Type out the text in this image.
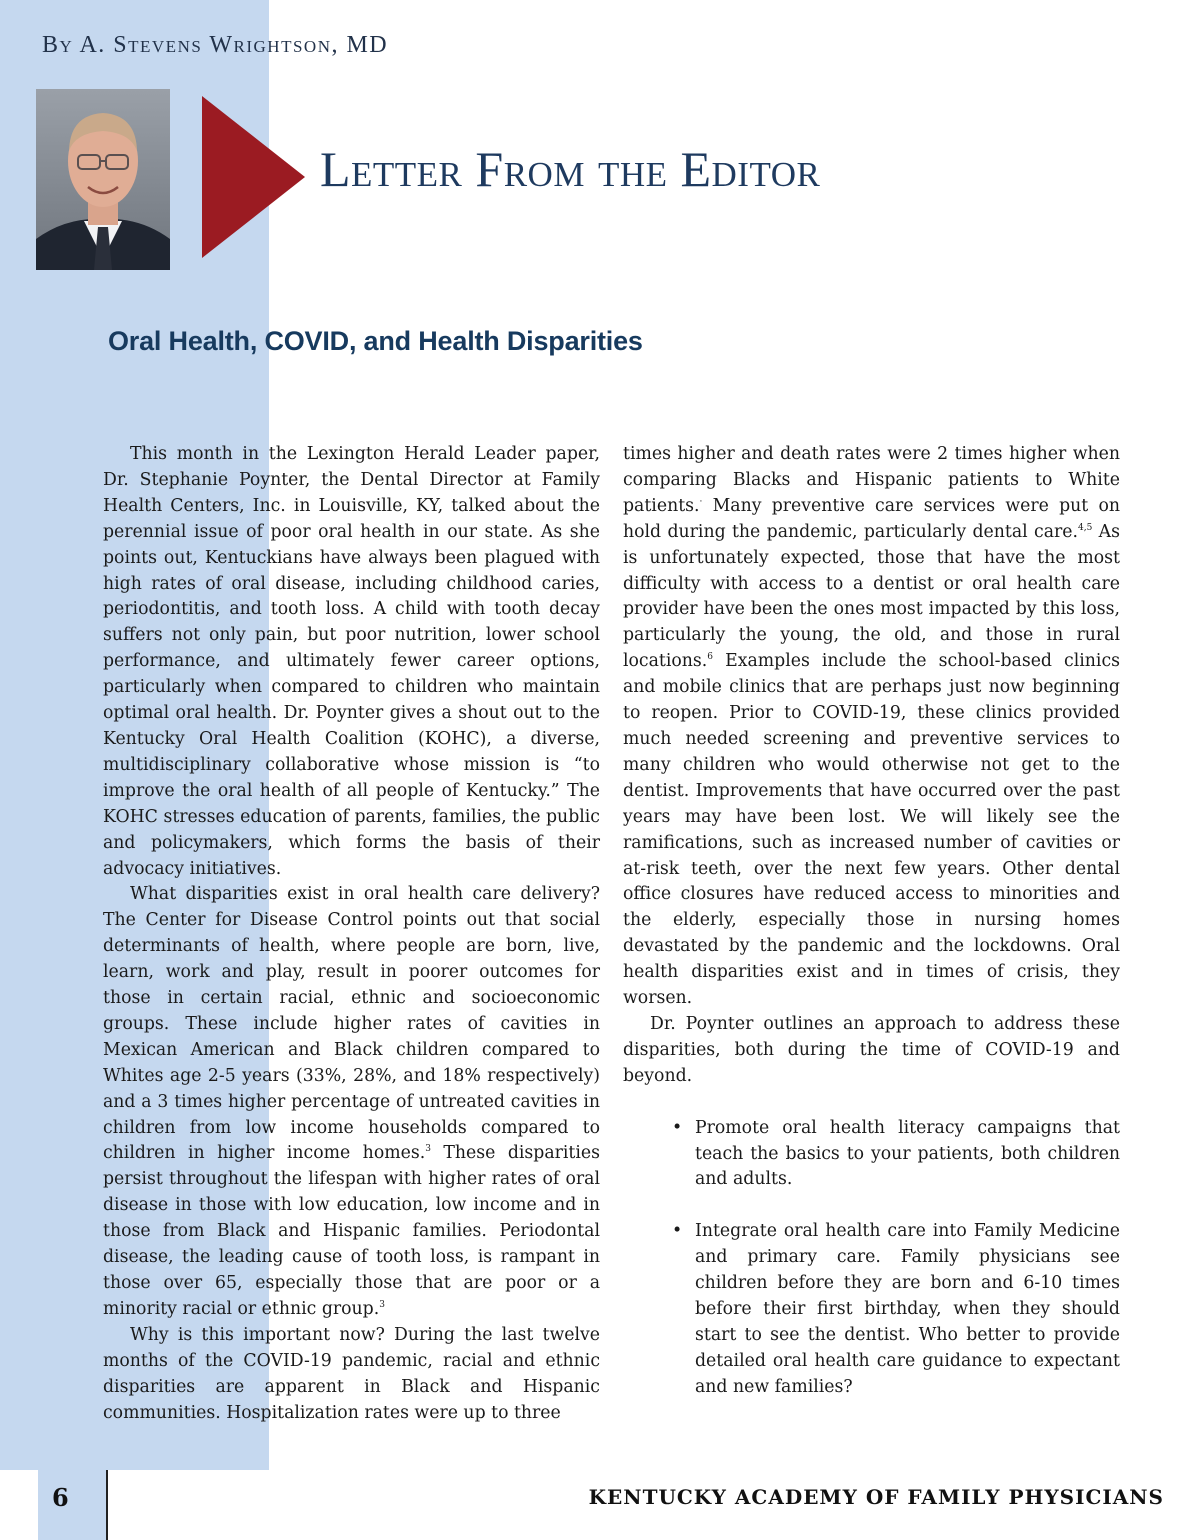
By A. Stevens Wrightson, MD

Letter From the Editor
Oral Health, COVID, and Health Disparities

This month in the Lexington Herald Leader paper, Dr. Stephanie Poynter, the Dental Director at Family Health Centers, Inc. in Louisville, KY, talked about the perennial issue of poor oral health in our state. As she points out, Kentuckians have always been plagued with high rates of oral disease, including childhood caries, periodontitis, and tooth loss. A child with tooth decay suffers not only pain, but poor nutrition, lower school performance, and ultimately fewer career options, particularly when compared to children who maintain optimal oral health. Dr. Poynter gives a shout out to the Kentucky Oral Health Coalition (KOHC), a diverse, multidisciplinary collaborative whose mission is “to improve the oral health of all people of Kentucky.” The KOHC stresses education of parents, families, the public and policymakers, which forms the basis of their advocacy initiatives.

What disparities exist in oral health care delivery? The Center for Disease Control points out that social determinants of health, where people are born, live, learn, work and play, result in poorer outcomes for those in certain racial, ethnic and socioeconomic groups. These include higher rates of cavities in Mexican American and Black children compared to Whites age 2-5 years (33%, 28%, and 18% respectively) and a 3 times higher percentage of untreated cavities in children from low income households compared to children in higher income homes.$^3$ These disparities persist throughout the lifespan with higher rates of oral disease in those with low education, low income and in those from Black and Hispanic families. Periodontal disease, the leading cause of tooth loss, is rampant in those over 65, especially those that are poor or a minority racial or ethnic group.$^3$

Why is this important now? During the last twelve months of the COVID-19 pandemic, racial and ethnic disparities are apparent in Black and Hispanic communities. Hospitalization rates were up to three

times higher and death rates were 2 times higher when comparing Blacks and Hispanic patients to White patients.· Many preventive care services were put on hold during the pandemic, particularly dental care.$^{4,5}$ As is unfortunately expected, those that have the most difficulty with access to a dentist or oral health care provider have been the ones most impacted by this loss, particularly the young, the old, and those in rural locations.$^6$ Examples include the school-based clinics and mobile clinics that are perhaps just now beginning to reopen. Prior to COVID-19, these clinics provided much needed screening and preventive services to many children who would otherwise not get to the dentist. Improvements that have occurred over the past years may have been lost. We will likely see the ramifications, such as increased number of cavities or at-risk teeth, over the next few years. Other dental office closures have reduced access to minorities and the elderly, especially those in nursing homes devastated by the pandemic and the lockdowns. Oral health disparities exist and in times of crisis, they worsen.

Dr. Poynter outlines an approach to address these disparities, both during the time of COVID-19 and beyond.

• Promote oral health literacy campaigns that teach the basics to your patients, both children and adults.
• Integrate oral health care into Family Medicine and primary care. Family physicians see children before they are born and 6-10 times before their first birthday, when they should start to see the dentist. Who better to provide detailed oral health care guidance to expectant and new families?

6	KENTUCKY ACADEMY OF FAMILY PHYSICIANS
